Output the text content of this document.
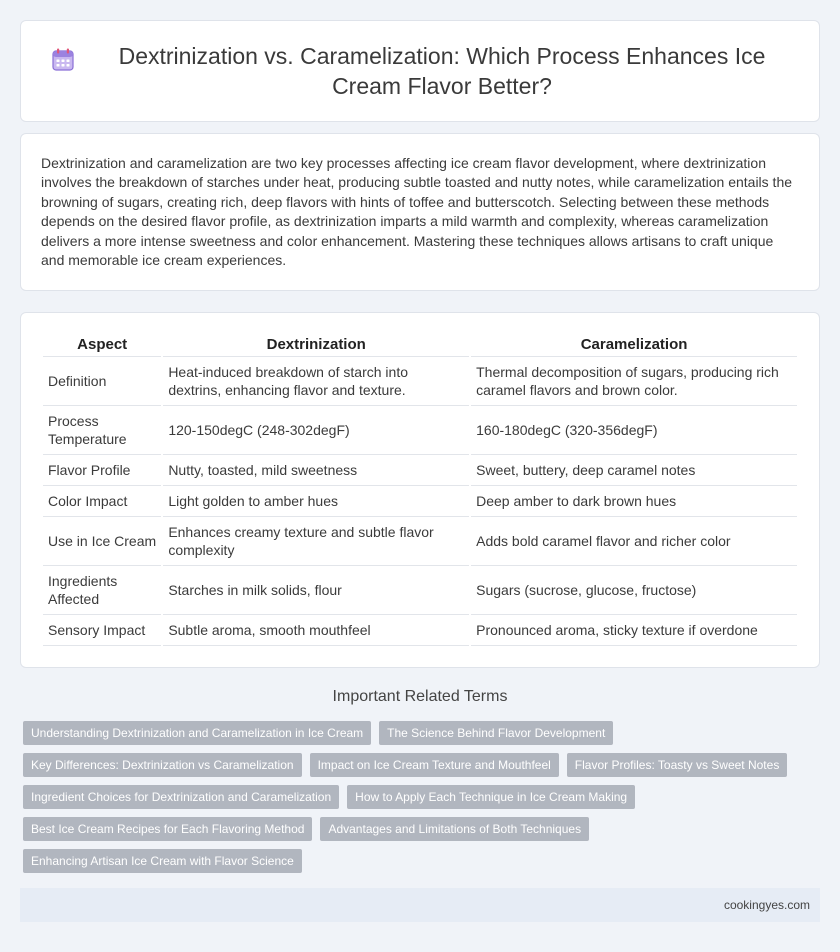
Dextrinization vs. Caramelization: Which Process Enhances Ice Cream Flavor Better?

Dextrinization and caramelization are two key processes affecting ice cream flavor development, where dextrinization involves the breakdown of starches under heat, producing subtle toasted and nutty notes, while caramelization entails the browning of sugars, creating rich, deep flavors with hints of toffee and butterscotch. Selecting between these methods depends on the desired flavor profile, as dextrinization imparts a mild warmth and complexity, whereas caramelization delivers a more intense sweetness and color enhancement. Mastering these techniques allows artisans to craft unique and memorable ice cream experiences.

Aspect	Dextrinization	Caramelization
Definition	Heat-induced breakdown of starch into dextrins, enhancing flavor and texture.	Thermal decomposition of sugars, producing rich caramel flavors and brown color.
Process Temperature	120-150degC (248-302degF)	160-180degC (320-356degF)
Flavor Profile	Nutty, toasted, mild sweetness	Sweet, buttery, deep caramel notes
Color Impact	Light golden to amber hues	Deep amber to dark brown hues
Use in Ice Cream	Enhances creamy texture and subtle flavor complexity	Adds bold caramel flavor and richer color
Ingredients Affected	Starches in milk solids, flour	Sugars (sucrose, glucose, fructose)
Sensory Impact	Subtle aroma, smooth mouthfeel	Pronounced aroma, sticky texture if overdone
Important Related Terms
Understanding Dextrinization and Caramelization in Ice Cream	The Science Behind Flavor Development
Key Differences: Dextrinization vs Caramelization	Impact on Ice Cream Texture and Mouthfeel	Flavor Profiles: Toasty vs Sweet Notes
Ingredient Choices for Dextrinization and Caramelization	How to Apply Each Technique in Ice Cream Making
Best Ice Cream Recipes for Each Flavoring Method	Advantages and Limitations of Both Techniques
Enhancing Artisan Ice Cream with Flavor Science
cookingyes.com
